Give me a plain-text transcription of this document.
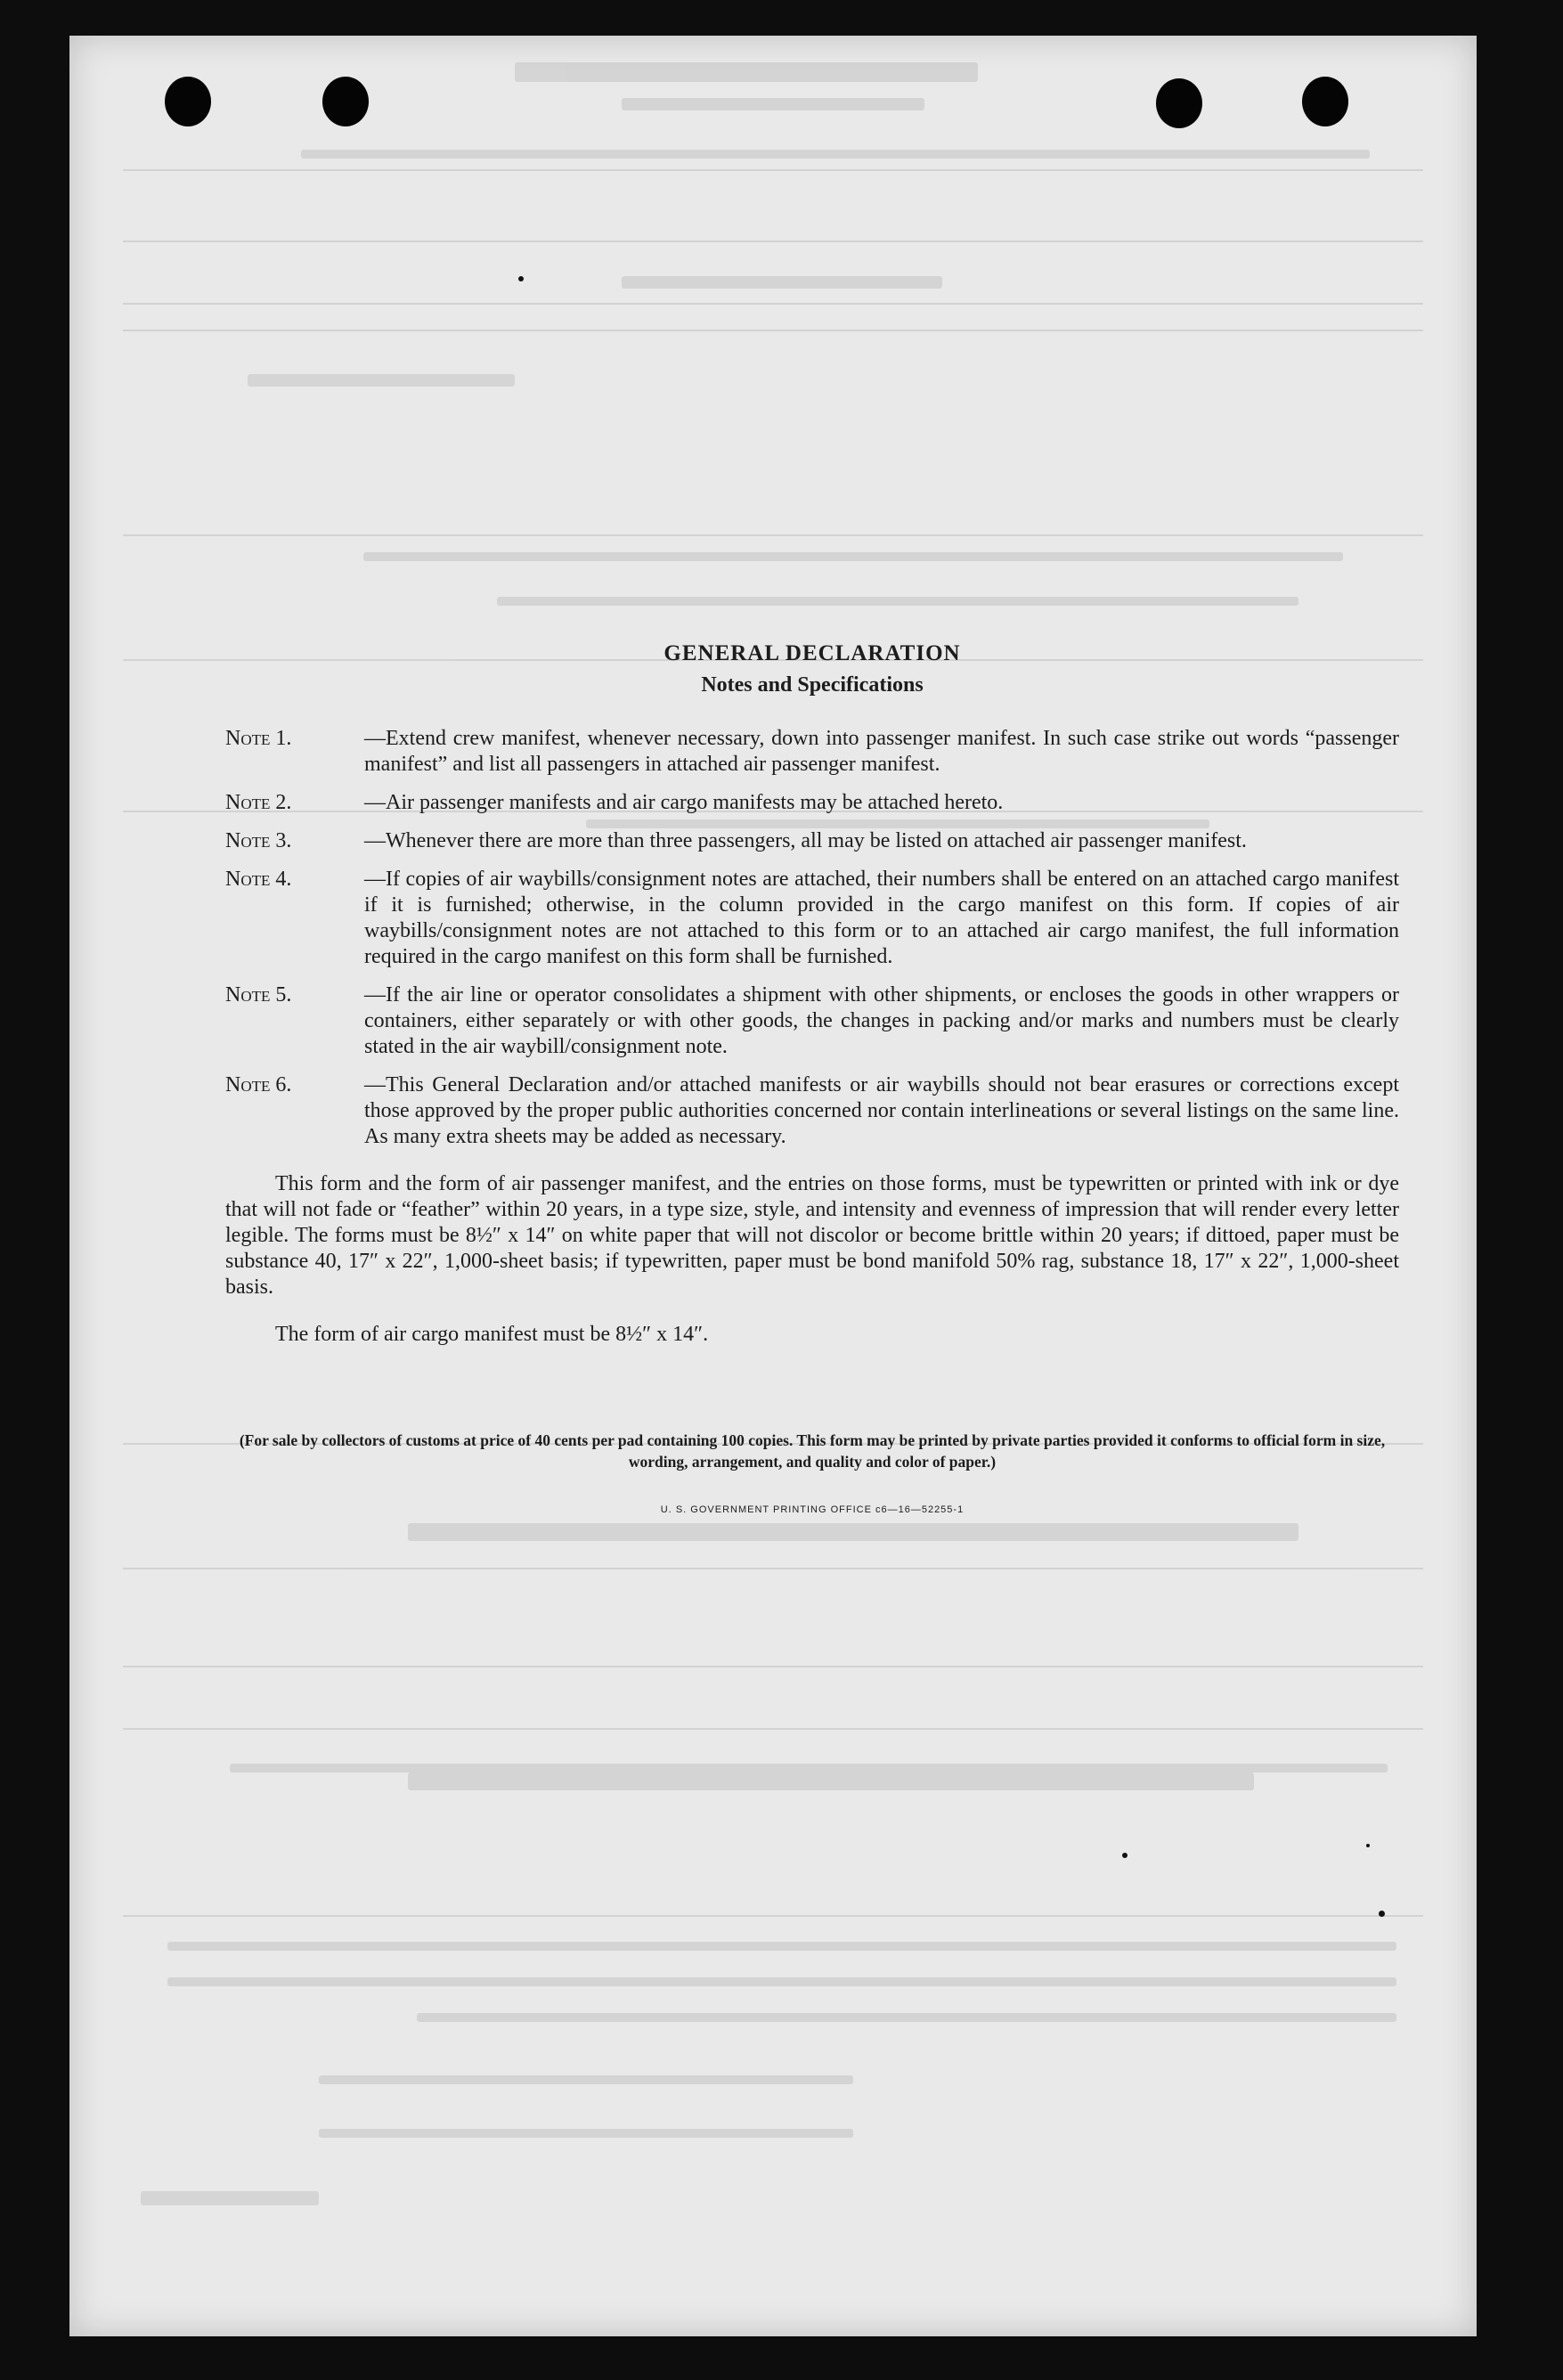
GENERAL DECLARATION
Notes and Specifications
Note 1.	—Extend crew manifest, whenever necessary, down into passenger manifest. In such case strike out words “passenger manifest” and list all passengers in attached air passenger manifest.
Note 2.	—Air passenger manifests and air cargo manifests may be attached hereto.
Note 3.	—Whenever there are more than three passengers, all may be listed on attached air passenger manifest.
Note 4.	—If copies of air waybills/consignment notes are attached, their numbers shall be entered on an attached cargo manifest if it is furnished; otherwise, in the column provided in the cargo manifest on this form. If copies of air waybills/consignment notes are not attached to this form or to an attached air cargo manifest, the full information required in the cargo manifest on this form shall be furnished.
Note 5.	—If the air line or operator consolidates a shipment with other shipments, or encloses the goods in other wrappers or containers, either separately or with other goods, the changes in packing and/or marks and numbers must be clearly stated in the air waybill/consignment note.
Note 6.	—This General Declaration and/or attached manifests or air waybills should not bear erasures or corrections except those approved by the proper public authorities concerned nor contain interlineations or several listings on the same line. As many extra sheets may be added as necessary.

This form and the form of air passenger manifest, and the entries on those forms, must be typewritten or printed with ink or dye that will not fade or “feather” within 20 years, in a type size, style, and intensity and evenness of impression that will render every letter legible. The forms must be 8½″ x 14″ on white paper that will not discolor or become brittle within 20 years; if dittoed, paper must be substance 40, 17″ x 22″, 1,000-sheet basis; if typewritten, paper must be bond manifold 50% rag, substance 18, 17″ x 22″, 1,000-sheet basis.

The form of air cargo manifest must be 8½″ x 14″.

(For sale by collectors of customs at price of 40 cents per pad containing 100 copies. This form may be printed by private parties provided it conforms to official form in size, wording, arrangement, and quality and color of paper.)
U. S. GOVERNMENT PRINTING OFFICE c6—16—52255-1
